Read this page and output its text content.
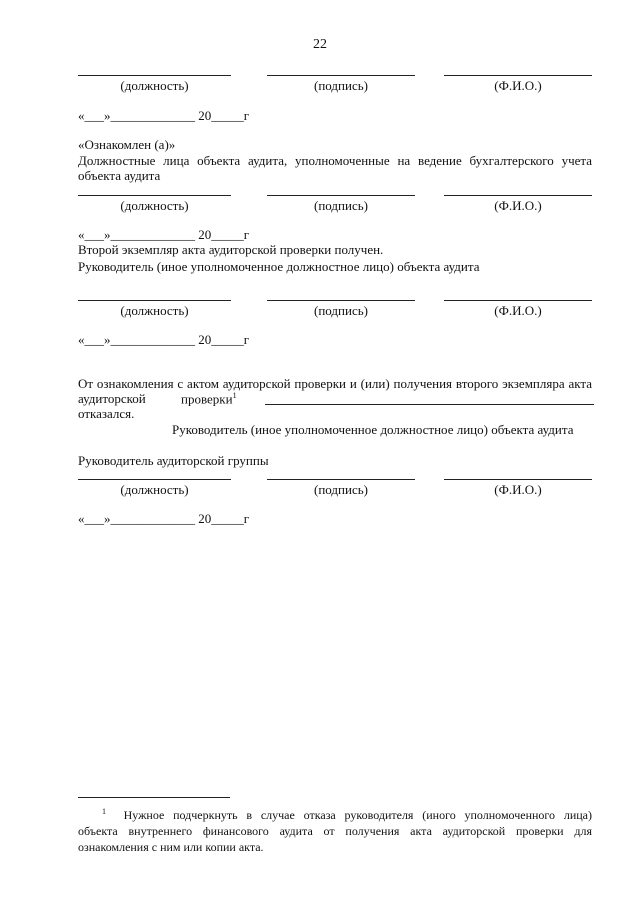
22
(должность)	(подпись)	(Ф.И.О.)
«___»_____________ 20_____г
«Ознакомлен (а)»
Должностные лица объекта аудита, уполномоченные на ведение бухгалтерского учета
объекта аудита
(должность)	(подпись)	(Ф.И.О.)
«___»_____________ 20_____г
Второй экземпляр акта аудиторской проверки получен.
Руководитель (иное уполномоченное должностное лицо) объекта аудита
(должность)	(подпись)	(Ф.И.О.)
«___»_____________ 20_____г
От ознакомления с актом аудиторской проверки и (или) получения второго экземпляра акта
аудиторской	проверки$^1$
отказался.
Руководитель (иное уполномоченное должностное лицо) объекта аудита
Руководитель аудиторской группы
(должность)	(подпись)	(Ф.И.О.)
«___»_____________ 20_____г
$^1$ Нужное подчеркнуть в случае отказа руководителя (иного уполномоченного лица)
объекта внутреннего финансового аудита от получения акта аудиторской проверки для
ознакомления с ним или копии акта.
